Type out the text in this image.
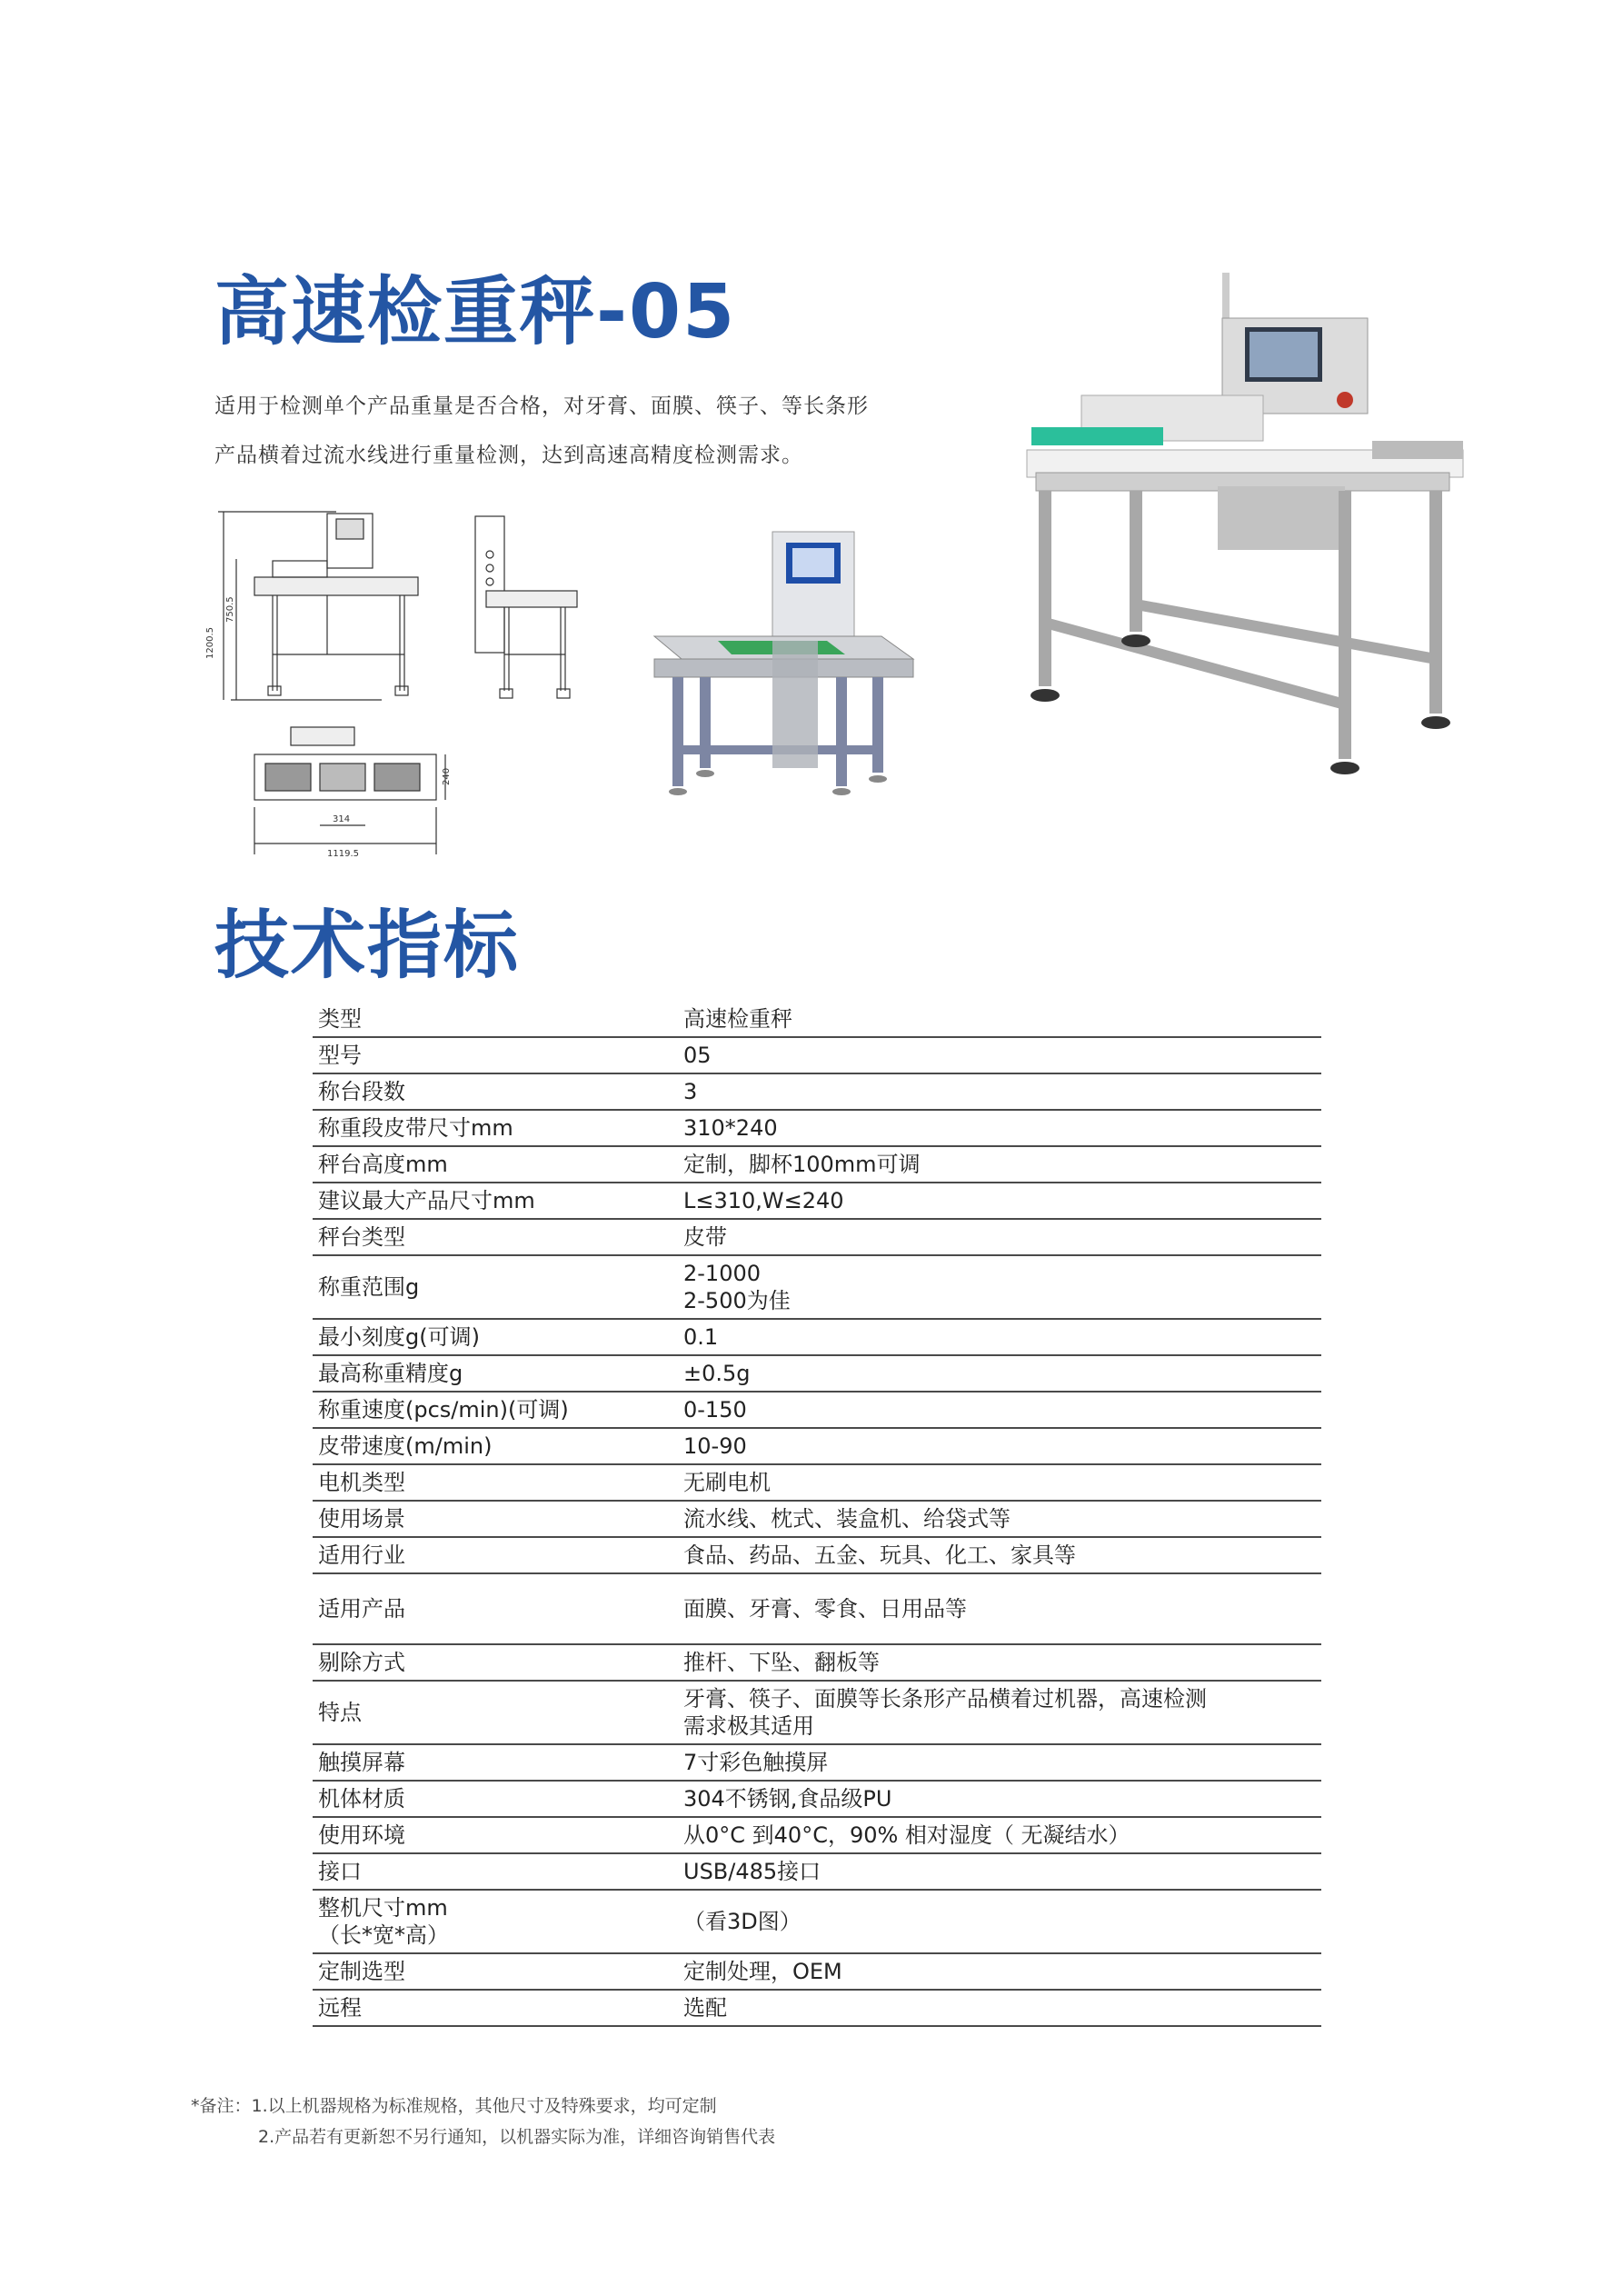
高速检重秤-05

适用于检测单个产品重量是否合格，对牙膏、面膜、筷子、等长条形

产品横着过流水线进行重量检测，达到高速高精度检测需求。

1200.5
750.5
314
1119.5
240
技术指标
类型	高速检重秤
型号	05
称台段数	3
称重段皮带尺寸mm	310*240
秤台高度mm	定制，脚杯100mm可调
建议最大产品尺寸mm	L≤310,W≤240
秤台类型	皮带
称重范围g	2-1000
2-500为佳
最小刻度g(可调)	0.1
最高称重精度g	±0.5g
称重速度(pcs/min)(可调)	0-150
皮带速度(m/min)	10-90
电机类型	无刷电机
使用场景	流水线、枕式、装盒机、给袋式等
适用行业	食品、药品、五金、玩具、化工、家具等
适用产品	面膜、牙膏、零食、日用品等
剔除方式	推杆、下坠、翻板等
特点	牙膏、筷子、面膜等长条形产品横着过机器，高速检测
需求极其适用
触摸屏幕	7寸彩色触摸屏
机体材质	304不锈钢,食品级PU
使用环境	从0°C 到40°C，90% 相对湿度（ 无凝结水）
接口	USB/485接口
整机尺寸mm
（长*宽*高）	（看3D图）
定制选型	定制处理，OEM
远程	选配
*备注：1.以上机器规格为标准规格，其他尺寸及特殊要求，均可定制

2.产品若有更新恕不另行通知，以机器实际为准，详细咨询销售代表
